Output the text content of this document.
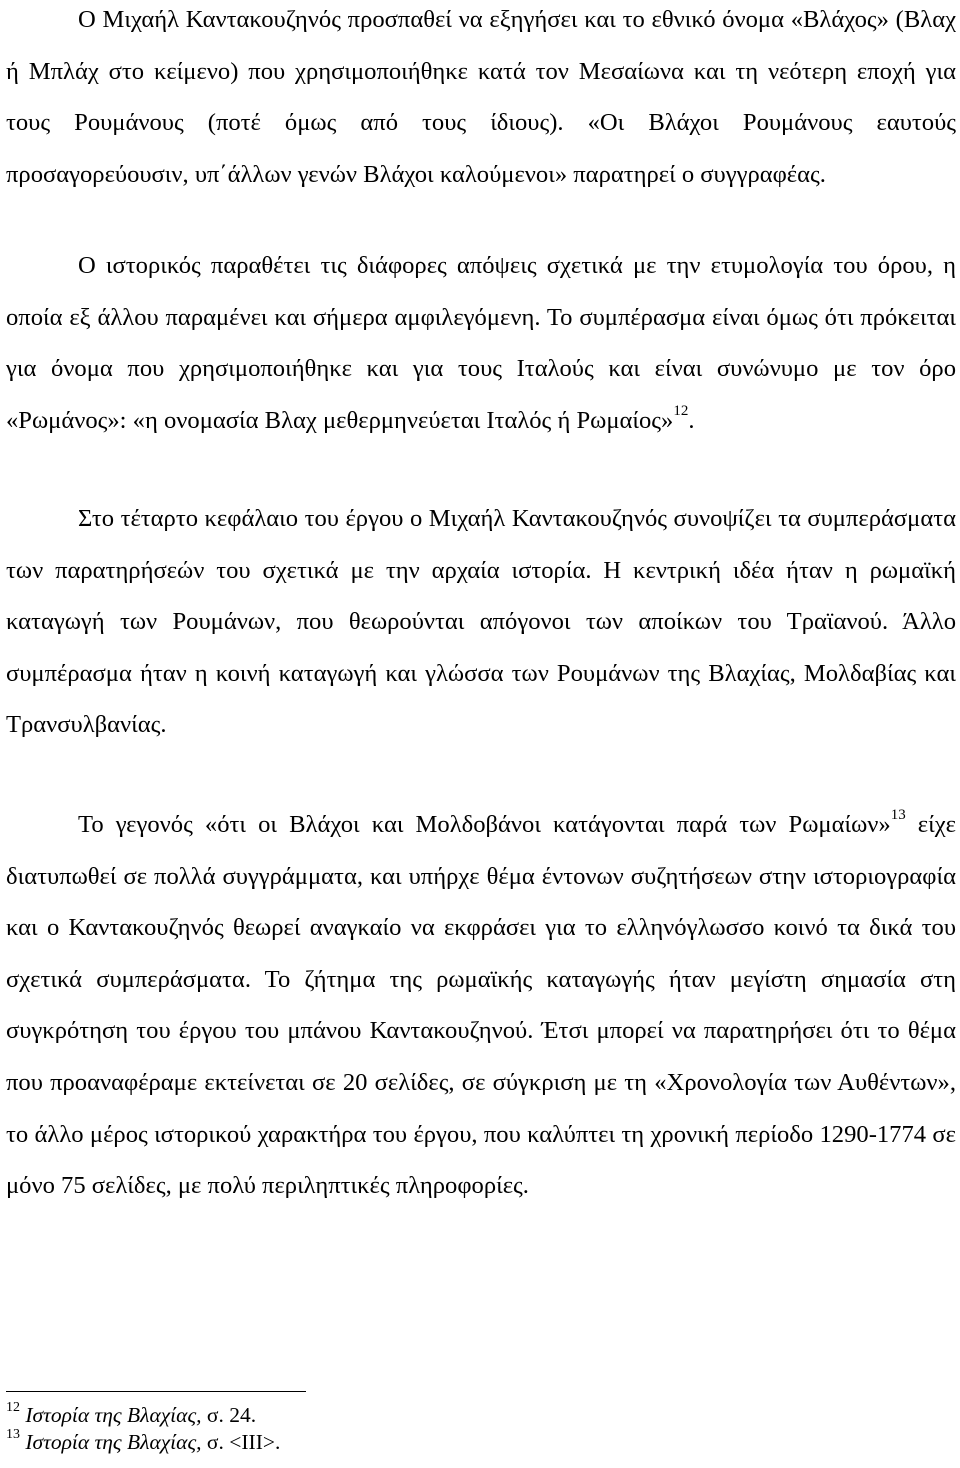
Ο Μιχαήλ Καντακουζηνός προσπαθεί να εξηγήσει και το εθνικό όνομα «Βλάχος» (Βλαχ ή Μπλάχ στο κείμενο) που χρησιμοποιήθηκε κατά τον Μεσαίωνα και τη νεότερη εποχή για τους Ρουμάνους (ποτέ όμως από τους ίδιους). «Οι Βλάχοι Ρουμάνους εαυτούς προσαγορεύουσιν, υπ΄άλλων γενών Βλάχοι καλούμενοι» παρατηρεί ο συγγραφέας.

Ο ιστορικός παραθέτει τις διάφορες απόψεις σχετικά με την ετυμολογία του όρου, η οποία εξ άλλου παραμένει και σήμερα αμφιλεγόμενη. Το συμπέρασμα είναι όμως ότι πρόκειται για όνομα που χρησιμοποιήθηκε και για τους Ιταλούς και είναι συνώνυμο με τον όρο «Ρωμάνος»: «η ονομασία Βλαχ μεθερμηνεύεται Ιταλός ή Ρωμαίος»$^{12}$.

Στο τέταρτο κεφάλαιο του έργου ο Μιχαήλ Καντακουζηνός συνοψίζει τα συμπεράσματα των παρατηρήσεών του σχετικά με την αρχαία ιστορία. Η κεντρική ιδέα ήταν η ρωμαϊκή καταγωγή των Ρουμάνων, που θεωρούνται απόγονοι των αποίκων του Τραϊανού. Άλλο συμπέρασμα ήταν η κοινή καταγωγή και γλώσσα των Ρουμάνων της Βλαχίας, Μολδαβίας και Τρανσυλβανίας.

Το γεγονός «ότι οι Βλάχοι και Μολδοβάνοι κατάγονται παρά των Ρωμαίων»$^{13}$ είχε διατυπωθεί σε πολλά συγγράμματα, και υπήρχε θέμα έντονων συζητήσεων στην ιστοριογραφία και ο Καντακουζηνός θεωρεί αναγκαίο να εκφράσει για το ελληνόγλωσσο κοινό τα δικά του σχετικά συμπεράσματα. Το ζήτημα της ρωμαϊκής καταγωγής ήταν μεγίστη σημασία στη συγκρότηση του έργου του μπάνου Καντακουζηνού. Έτσι μπορεί να παρατηρήσει ότι το θέμα που προαναφέραμε εκτείνεται σε 20 σελίδες, σε σύγκριση με τη «Χρονολογία των Αυθέντων», το άλλο μέρος ιστορικού χαρακτήρα του έργου, που καλύπτει τη χρονική περίοδο 1290-1774 σε μόνο 75 σελίδες, με πολύ περιληπτικές πληροφορίες.

$^{12}$ Ιστορία της Βλαχίας, σ. 24.

$^{13}$ Ιστορία της Βλαχίας, σ. <III>.
